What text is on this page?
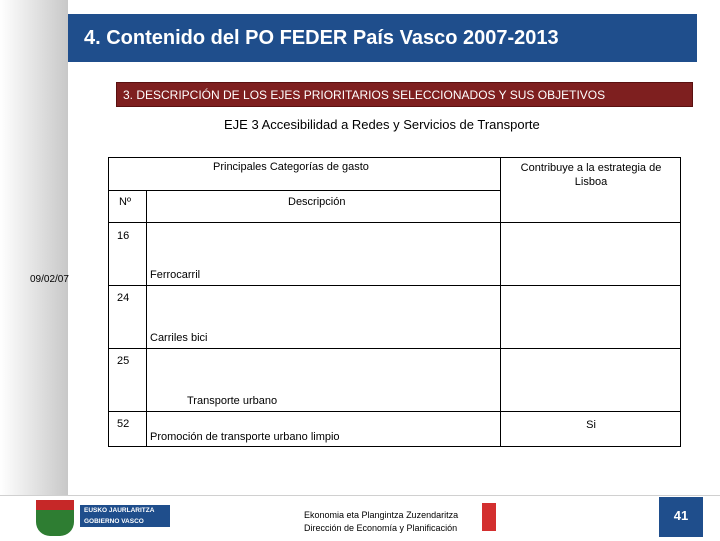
09/02/07
4. Contenido del PO FEDER País Vasco 2007-2013
3. DESCRIPCIÓN DE LOS EJES PRIORITARIOS SELECCIONADOS Y SUS OBJETIVOS
EJE 3 Accesibilidad a Redes y Servicios de Transporte
Principales Categorías de gasto		Contribuye a la estrategia de Lisboa

Nº	Descripción	

16	Ferrocarril	

24	Carriles bici	

25	Transporte urbano	

52	Promoción de transporte urbano limpio	Si
EUSKO JAURLARITZA
GOBIERNO VASCO
Ekonomia eta Plangintza Zuzendaritza
Dirección de Economía y Planificación
41
